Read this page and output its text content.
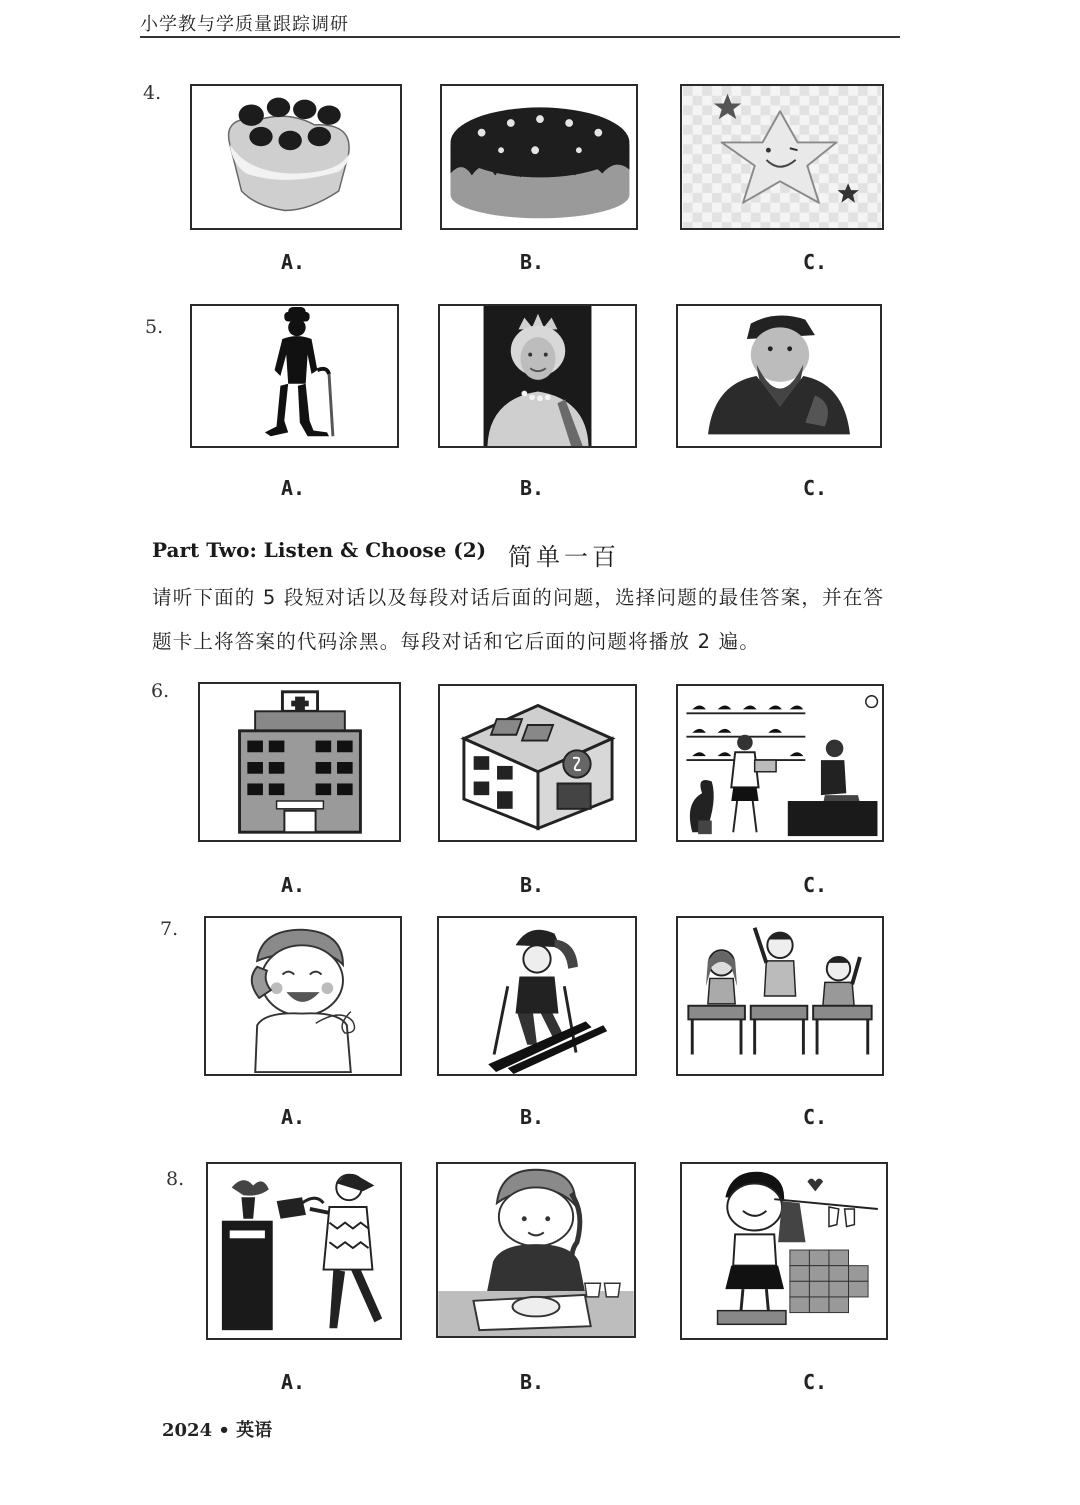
小学教与学质量跟踪调研
4.
A.	B.	C.
5.
A.	B.	C.
Part Two: Listen & Choose (2) 简单一百
请听下面的 5 段短对话以及每段对话后面的问题，选择问题的最佳答案，并在答
题卡上将答案的代码涂黑。每段对话和它后面的问题将播放 2 遍。
6.
A.	B.	C.
7.
A.	B.	C.
8.
A.	B.	C.
2024 • 英语
